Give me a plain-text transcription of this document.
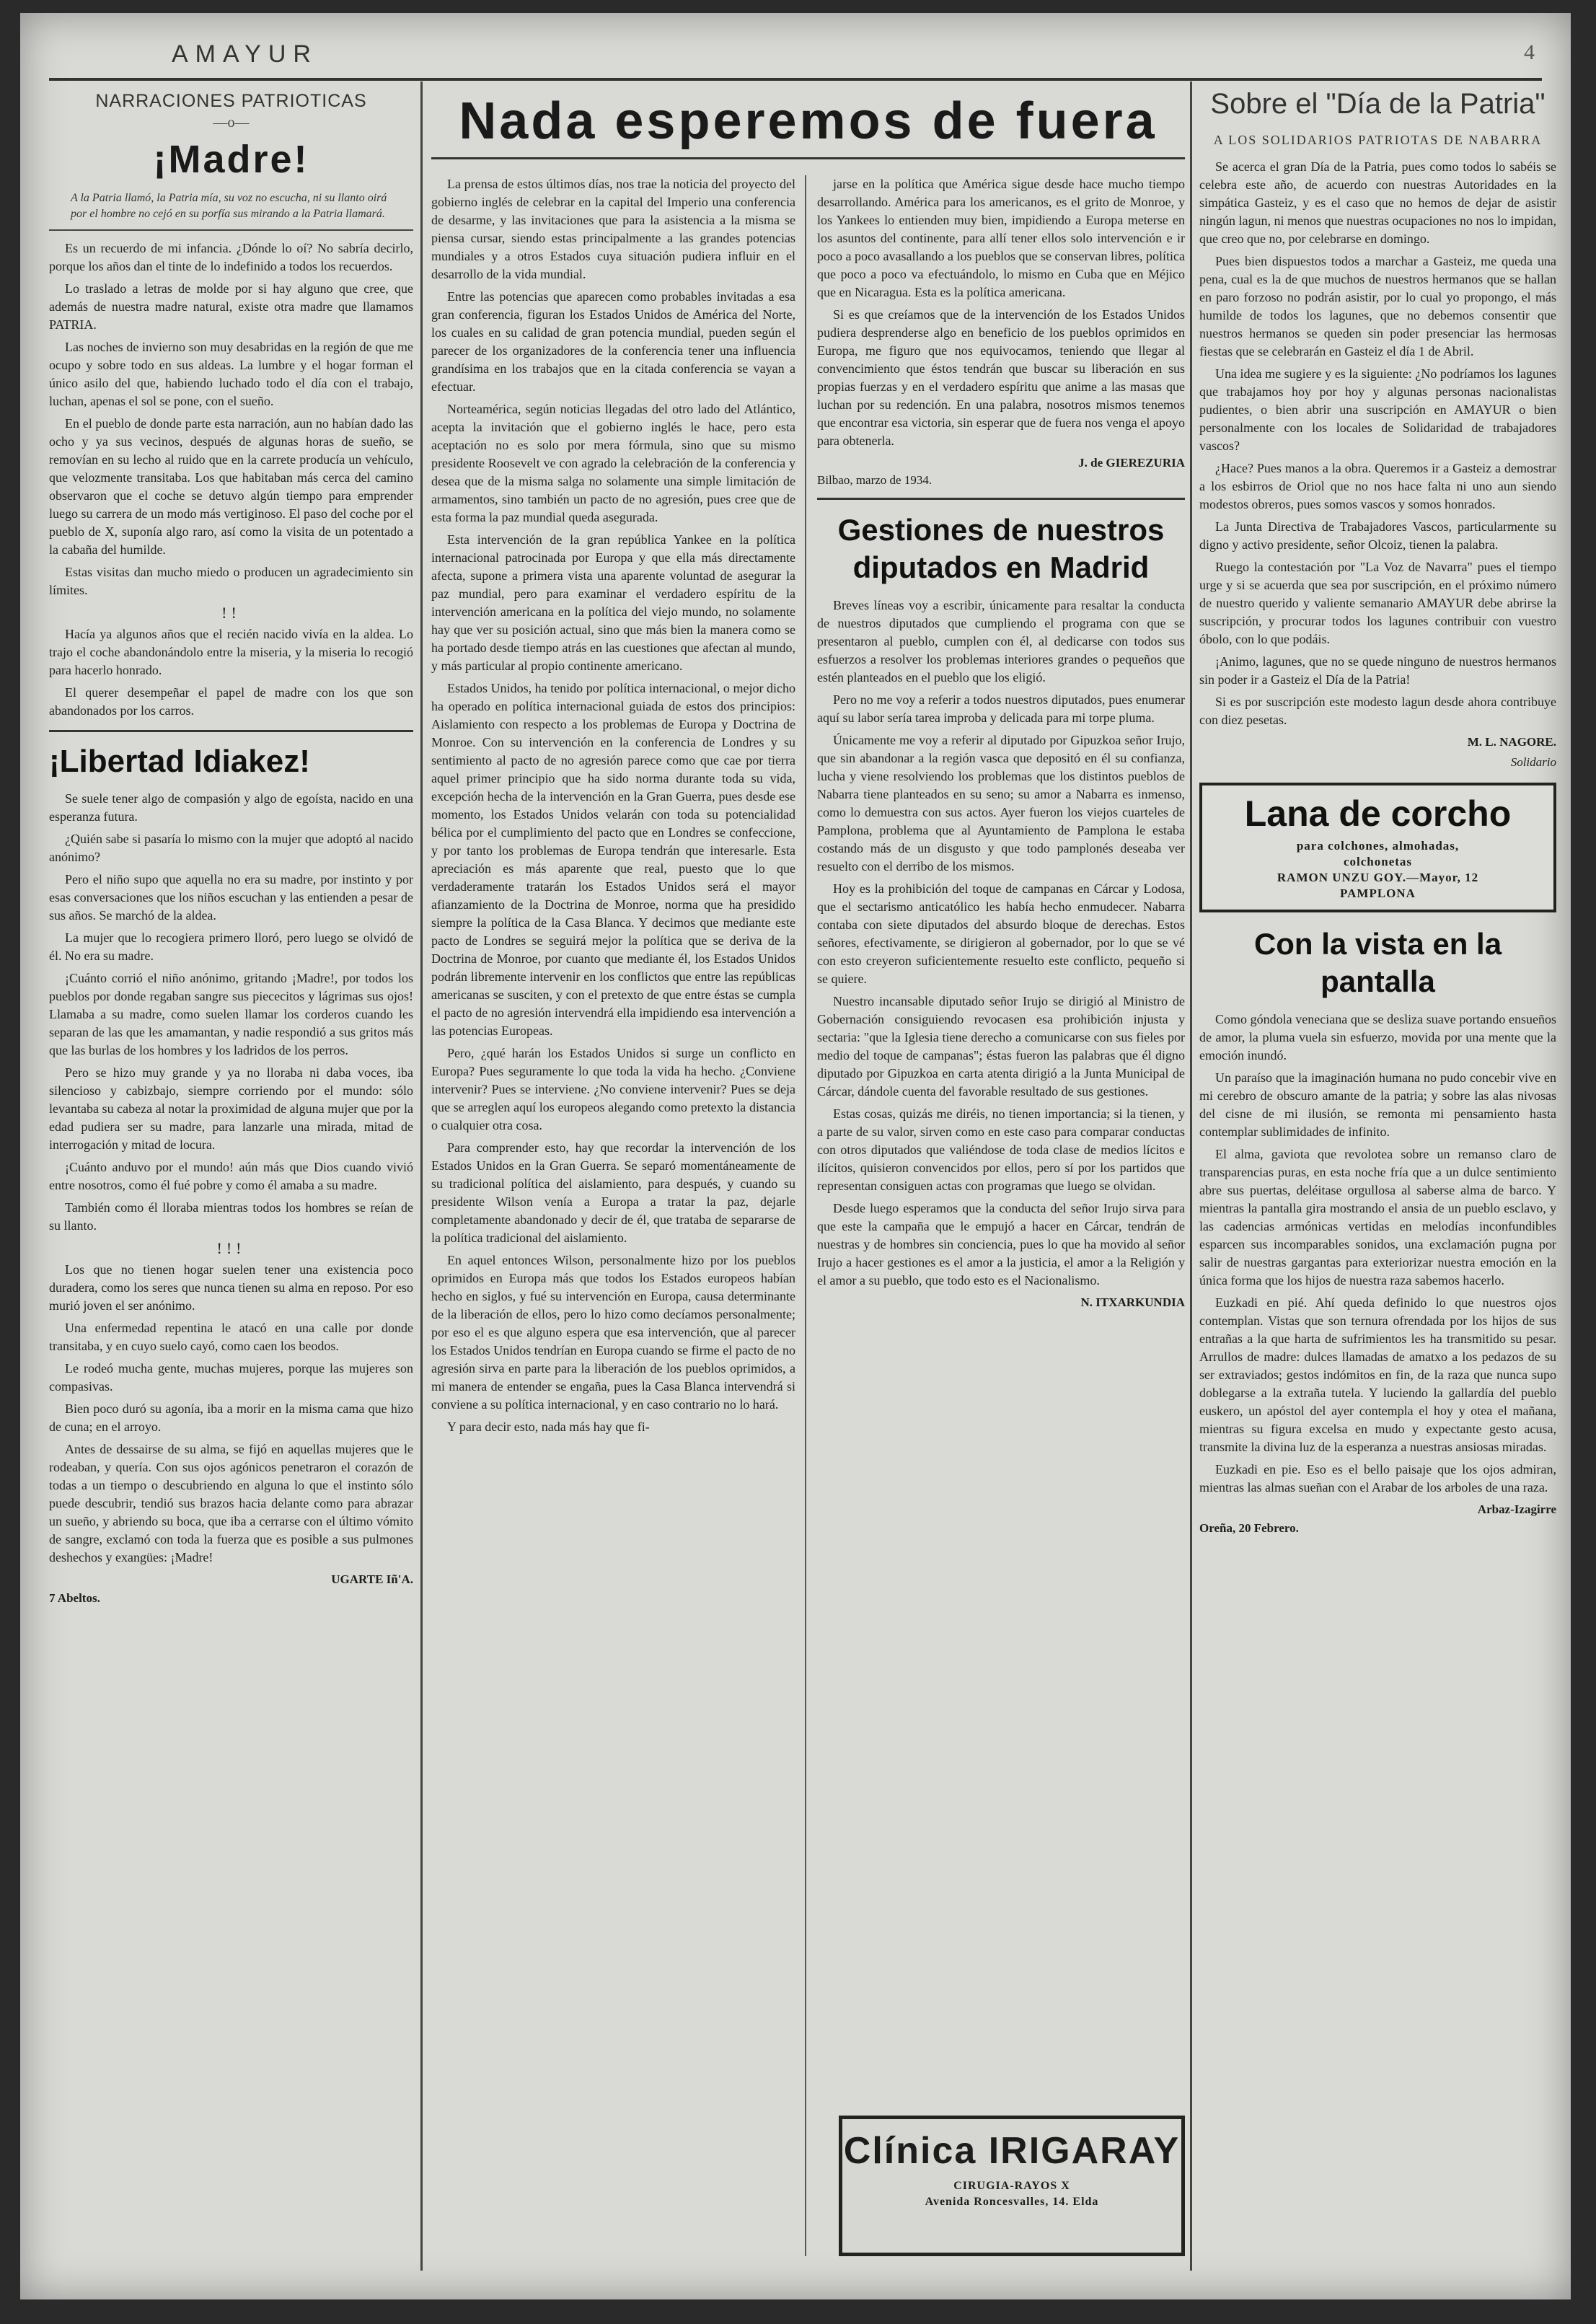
AMAYUR	4
NARRACIONES PATRIOTICAS
—o—
¡Madre!
A la Patria llamó, la Patria mía, su voz no escucha, ni su llanto oirá por el hombre no cejó en su porfía sus mirando a la Patria llamará.

Es un recuerdo de mi infancia. ¿Dónde lo oí? No sabría decirlo, porque los años dan el tinte de lo indefinido a todos los recuerdos.

Lo traslado a letras de molde por si hay alguno que cree, que además de nuestra madre natural, existe otra madre que llamamos PATRIA.

Las noches de invierno son muy desabridas en la región de que me ocupo y sobre todo en sus aldeas. La lumbre y el hogar forman el único asilo del que, habiendo luchado todo el día con el trabajo, luchan, apenas el sol se pone, con el sueño.

En el pueblo de donde parte esta narración, aun no habían dado las ocho y ya sus vecinos, después de algunas horas de sueño, se removían en su lecho al ruido que en la carrete producía un vehículo, que velozmente transitaba. Los que habitaban más cerca del camino observaron que el coche se detuvo algún tiempo para emprender luego su carrera de un modo más vertiginoso. El paso del coche por el pueblo de X, suponía algo raro, así como la visita de un potentado a la cabaña del humilde.

Estas visitas dan mucho miedo o producen un agradecimiento sin límites.

!!

Hacía ya algunos años que el recién nacido vivía en la aldea. Lo trajo el coche abandonándolo entre la miseria, y la miseria lo recogió para hacerlo honrado.

El querer desempeñar el papel de madre con los que son abandonados por los carros.

¡Libertad Idiakez!

Se suele tener algo de compasión y algo de egoísta, nacido en una esperanza futura.

¿Quién sabe si pasaría lo mismo con la mujer que adoptó al nacido anónimo?

Pero el niño supo que aquella no era su madre, por instinto y por esas conversaciones que los niños escuchan y las entienden a pesar de sus años. Se marchó de la aldea.

La mujer que lo recogiera primero lloró, pero luego se olvidó de él. No era su madre.

¡Cuánto corrió el niño anónimo, gritando ¡Madre!, por todos los pueblos por donde regaban sangre sus piececitos y lágrimas sus ojos! Llamaba a su madre, como suelen llamar los corderos cuando les separan de las que les amamantan, y nadie respondió a sus gritos más que las burlas de los hombres y los ladridos de los perros.

Pero se hizo muy grande y ya no lloraba ni daba voces, iba silencioso y cabizbajo, siempre corriendo por el mundo: sólo levantaba su cabeza al notar la proximidad de alguna mujer que por la edad pudiera ser su madre, para lanzarle una mirada, mitad de interrogación y mitad de locura.

¡Cuánto anduvo por el mundo! aún más que Dios cuando vivió entre nosotros, como él fué pobre y como él amaba a su madre.

También como él lloraba mientras todos los hombres se reían de su llanto.

!!!

Los que no tienen hogar suelen tener una existencia poco duradera, como los seres que nunca tienen su alma en reposo. Por eso murió joven el ser anónimo.

Una enfermedad repentina le atacó en una calle por donde transitaba, y en cuyo suelo cayó, como caen los beodos.

Le rodeó mucha gente, muchas mujeres, porque las mujeres son compasivas.

Bien poco duró su agonía, iba a morir en la misma cama que hizo de cuna; en el arroyo.

Antes de dessairse de su alma, se fijó en aquellas mujeres que le rodeaban, y quería. Con sus ojos agónicos penetraron el corazón de todas a un tiempo o descubriendo en alguna lo que el instinto sólo puede descubrir, tendió sus brazos hacia delante como para abrazar un sueño, y abriendo su boca, que iba a cerrarse con el último vómito de sangre, exclamó con toda la fuerza que es posible a sus pulmones deshechos y exangües: ¡Madre!

UGARTE Iñ'A.
7 Abeltos.
Nada esperemos de fuera

La prensa de estos últimos días, nos trae la noticia del proyecto del gobierno inglés de celebrar en la capital del Imperio una conferencia de desarme, y las invitaciones que para la asistencia a la misma se piensa cursar, siendo estas principalmente a las grandes potencias mundiales y a otros Estados cuya situación pudiera influir en el desarrollo de la vida mundial.

Entre las potencias que aparecen como probables invitadas a esa gran conferencia, figuran los Estados Unidos de América del Norte, los cuales en su calidad de gran potencia mundial, pueden según el parecer de los organizadores de la conferencia tener una influencia grandísima en los trabajos que en la citada conferencia se vayan a efectuar.

Norteamérica, según noticias llegadas del otro lado del Atlántico, acepta la invitación que el gobierno inglés le hace, pero esta aceptación no es solo por mera fórmula, sino que su mismo presidente Roosevelt ve con agrado la celebración de la conferencia y desea que de la misma salga no solamente una simple limitación de armamentos, sino también un pacto de no agresión, pues cree que de esta forma la paz mundial queda asegurada.

Esta intervención de la gran república Yankee en la política internacional patrocinada por Europa y que ella más directamente afecta, supone a primera vista una aparente voluntad de asegurar la paz mundial, pero para examinar el verdadero espíritu de la intervención americana en la política del viejo mundo, no solamente hay que ver su posición actual, sino que más bien la manera como se ha portado desde tiempo atrás en las cuestiones que afectan al mundo, y más particular al propio continente americano.

Estados Unidos, ha tenido por política internacional, o mejor dicho ha operado en política internacional guiada de estos dos principios: Aislamiento con respecto a los problemas de Europa y Doctrina de Monroe. Con su intervención en la conferencia de Londres y su sentimiento al pacto de no agresión parece como que cae por tierra aquel primer principio que ha sido norma durante toda su vida, excepción hecha de la intervención en la Gran Guerra, pues desde ese momento, los Estados Unidos velarán con toda su potencialidad bélica por el cumplimiento del pacto que en Londres se confeccione, y por tanto los problemas de Europa tendrán que interesarle. Esta apreciación es más aparente que real, puesto que lo que verdaderamente tratarán los Estados Unidos será el mayor afianzamiento de la Doctrina de Monroe, norma que ha presidido siempre la política de la Casa Blanca. Y decimos que mediante este pacto de Londres se seguirá mejor la política que se deriva de la Doctrina de Monroe, por cuanto que mediante él, los Estados Unidos podrán libremente intervenir en los conflictos que entre las repúblicas americanas se susciten, y con el pretexto de que entre éstas se cumpla el pacto de no agresión intervendrá ella impidiendo esa intervención a las potencias Europeas.

Pero, ¿qué harán los Estados Unidos si surge un conflicto en Europa? Pues seguramente lo que toda la vida ha hecho. ¿Conviene intervenir? Pues se interviene. ¿No conviene intervenir? Pues se deja que se arreglen aquí los europeos alegando como pretexto la distancia o cualquier otra cosa.

Para comprender esto, hay que recordar la intervención de los Estados Unidos en la Gran Guerra. Se separó momentáneamente de su tradicional política del aislamiento, para después, y cuando su presidente Wilson venía a Europa a tratar la paz, dejarle completamente abandonado y decir de él, que trataba de separarse de la política tradicional del aislamiento.

En aquel entonces Wilson, personalmente hizo por los pueblos oprimidos en Europa más que todos los Estados europeos habían hecho en siglos, y fué su intervención en Europa, causa determinante de la liberación de ellos, pero lo hizo como decíamos personalmente; por eso el es que alguno espera que esa intervención, que al parecer los Estados Unidos tendrían en Europa cuando se firme el pacto de no agresión sirva en parte para la liberación de los pueblos oprimidos, a mi manera de entender se engaña, pues la Casa Blanca intervendrá si conviene a su política internacional, y en caso contrario no lo hará.

Y para decir esto, nada más hay que fi-

jarse en la política que América sigue desde hace mucho tiempo desarrollando. América para los americanos, es el grito de Monroe, y los Yankees lo entienden muy bien, impidiendo a Europa meterse en los asuntos del continente, para allí tener ellos solo intervención e ir poco a poco avasallando a los pueblos que se conservan libres, política que poco a poco va efectuándolo, lo mismo en Cuba que en Méjico que en Nicaragua. Esta es la política americana.

Si es que creíamos que de la intervención de los Estados Unidos pudiera desprenderse algo en beneficio de los pueblos oprimidos en Europa, me figuro que nos equivocamos, teniendo que llegar al convencimiento que éstos tendrán que buscar su liberación en sus propias fuerzas y en el verdadero espíritu que anime a las masas que luchan por su redención. En una palabra, nosotros mismos tenemos que encontrar esa victoria, sin esperar que de fuera nos venga el apoyo para obtenerla.

J. de GIEREZURIA
Bilbao, marzo de 1934.
Gestiones de nuestros diputados en Madrid

Breves líneas voy a escribir, únicamente para resaltar la conducta de nuestros diputados que cumpliendo el programa con que se presentaron al pueblo, cumplen con él, al dedicarse con todos sus esfuerzos a resolver los problemas interiores grandes o pequeños que estén planteados en el pueblo que los eligió.

Pero no me voy a referir a todos nuestros diputados, pues enumerar aquí su labor sería tarea improba y delicada para mi torpe pluma.

Únicamente me voy a referir al diputado por Gipuzkoa señor Irujo, que sin abandonar a la región vasca que depositó en él su confianza, lucha y viene resolviendo los problemas que los distintos pueblos de Nabarra tiene planteados en su seno; su amor a Nabarra es inmenso, como lo demuestra con sus actos. Ayer fueron los viejos cuarteles de Pamplona, problema que al Ayuntamiento de Pamplona le estaba costando más de un disgusto y que todo pamplonés deseaba ver resuelto con el derribo de los mismos.

Hoy es la prohibición del toque de campanas en Cárcar y Lodosa, que el sectarismo anticatólico les había hecho enmudecer. Nabarra contaba con siete diputados del absurdo bloque de derechas. Estos señores, efectivamente, se dirigieron al gobernador, por lo que se vé con esto creyeron suficientemente resuelto este conflicto, pequeño si se quiere.

Nuestro incansable diputado señor Irujo se dirigió al Ministro de Gobernación consiguiendo revocasen esa prohibición injusta y sectaria: "que la Iglesia tiene derecho a comunicarse con sus fieles por medio del toque de campanas"; éstas fueron las palabras que él digno diputado por Gipuzkoa en carta atenta dirigió a la Junta Municipal de Cárcar, dándole cuenta del favorable resultado de sus gestiones.

Estas cosas, quizás me diréis, no tienen importancia; si la tienen, y a parte de su valor, sirven como en este caso para comparar conductas con otros diputados que valiéndose de toda clase de medios lícitos e ilícitos, quisieron convencidos por ellos, pero sí por los partidos que representan consiguen actas con programas que luego se olvidan.

Desde luego esperamos que la conducta del señor Irujo sirva para que este la campaña que le empujó a hacer en Cárcar, tendrán de nuestras y de hombres sin conciencia, pues lo que ha movido al señor Irujo a hacer gestiones es el amor a la justicia, el amor a la Religión y el amor a su pueblo, que todo esto es el Nacionalismo.

N. ITXARKUNDIA
Clínica IRIGARAY
CIRUGIA-RAYOS X
Avenida Roncesvalles, 14. Elda
Sobre el "Día de la Patria"
A LOS SOLIDARIOS PATRIOTAS DE NABARRA

Se acerca el gran Día de la Patria, pues como todos lo sabéis se celebra este año, de acuerdo con nuestras Autoridades en la simpática Gasteiz, y es el caso que no hemos de dejar de asistir ningún lagun, ni menos que nuestras ocupaciones no nos lo impidan, que creo que no, por celebrarse en domingo.

Pues bien dispuestos todos a marchar a Gasteiz, me queda una pena, cual es la de que muchos de nuestros hermanos que se hallan en paro forzoso no podrán asistir, por lo cual yo propongo, el más humilde de todos los lagunes, que no debemos consentir que nuestros hermanos se queden sin poder presenciar las hermosas fiestas que se celebrarán en Gasteiz el día 1 de Abril.

Una idea me sugiere y es la siguiente: ¿No podríamos los lagunes que trabajamos hoy por hoy y algunas personas nacionalistas pudientes, o bien abrir una suscripción en AMAYUR o bien personalmente con los locales de Solidaridad de trabajadores vascos?

¿Hace? Pues manos a la obra. Queremos ir a Gasteiz a demostrar a los esbirros de Oriol que no nos hace falta ni uno aun siendo modestos obreros, pues somos vascos y somos honrados.

La Junta Directiva de Trabajadores Vascos, particularmente su digno y activo presidente, señor Olcoiz, tienen la palabra.

Ruego la contestación por "La Voz de Navarra" pues el tiempo urge y si se acuerda que sea por suscripción, en el próximo número de nuestro querido y valiente semanario AMAYUR debe abrirse la suscripción, y procurar todos los lagunes contribuir con vuestro óbolo, con lo que podáis.

¡Animo, lagunes, que no se quede ninguno de nuestros hermanos sin poder ir a Gasteiz el Día de la Patria!

Si es por suscripción este modesto lagun desde ahora contribuye con diez pesetas.

M. L. NAGORE.
Solidario
Lana de corcho
para colchones, almohadas,
colchonetas
RAMON UNZU GOY.—Mayor, 12
PAMPLONA
Con la vista en la pantalla

Como góndola veneciana que se desliza suave portando ensueños de amor, la pluma vuela sin esfuerzo, movida por una mente que la emoción inundó.

Un paraíso que la imaginación humana no pudo concebir vive en mi cerebro de obscuro amante de la patria; y sobre las alas nivosas del cisne de mi ilusión, se remonta mi pensamiento hasta contemplar sublimidades de infinito.

El alma, gaviota que revolotea sobre un remanso claro de transparencias puras, en esta noche fría que a un dulce sentimiento abre sus puertas, deléitase orgullosa al saberse alma de barco. Y mientras la pantalla gira mostrando el ansia de un pueblo esclavo, y las cadencias armónicas vertidas en melodías inconfundibles esparcen sus incomparables sonidos, una exclamación pugna por salir de nuestras gargantas para exteriorizar nuestra emoción en la única forma que los hijos de nuestra raza sabemos hacerlo.

Euzkadi en pié. Ahí queda definido lo que nuestros ojos contemplan. Vistas que son ternura ofrendada por los hijos de sus entrañas a la que harta de sufrimientos les ha transmitido su pesar. Arrullos de madre: dulces llamadas de amatxo a los pedazos de su ser extraviados; gestos indómitos en fin, de la raza que nunca supo doblegarse a la extraña tutela. Y luciendo la gallardía del pueblo euskero, un apóstol del ayer contempla el hoy y otea el mañana, mientras su figura excelsa en mudo y expectante gesto acusa, transmite la divina luz de la esperanza a nuestras ansiosas miradas.

Euzkadi en pie. Eso es el bello paisaje que los ojos admiran, mientras las almas sueñan con el Arabar de los arboles de una raza.

Arbaz-Izagirre
Oreña, 20 Febrero.
